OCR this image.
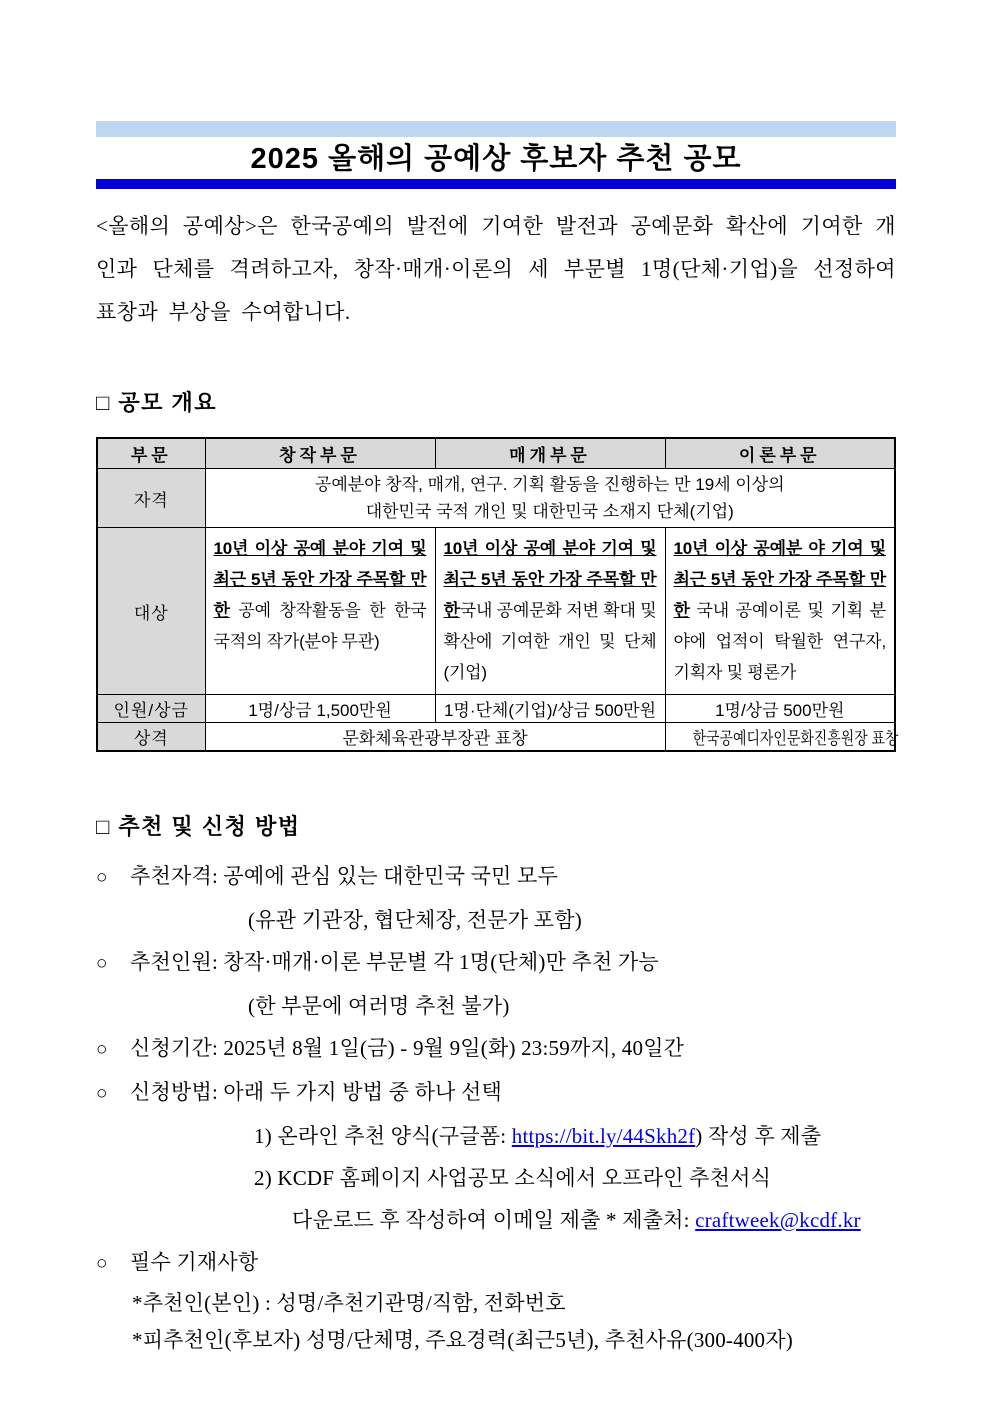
2025 올해의 공예상 후보자 추천 공모

<올해의 공예상>은 한국공예의 발전에 기여한 발전과 공예문화 확산에 기여한 개인과 단체를 격려하고자, 창작·매개·이론의 세 부문별 1명(단체·기업)을 선정하여 표창과 부상을 수여합니다.

□ 공모 개요
부문	창작부문	매개부문	이론부문
자격	공예분야 창작, 매개, 연구. 기획 활동을 진행하는 만 19세 이상의
대한민국 국적 개인 및 대한민국 소재지 단체(기업)		

대상	10년 이상 공예 분야 기여 및 최근 5년 동안 가장 주목할 만한 공예 창작활동을 한 한국 국적의 작가(분야 무관)	10년 이상 공예 분야 기여 및 최근 5년 동안 가장 주목할 만한국내 공예문화 저변 확대 및 확산에 기여한 개인 및 단체(기업)	10년 이상 공예분 야 기여 및 최근 5년 동안 가장 주목할 만한 국내 공예이론 및 기획 분야에 업적이 탁월한 연구자, 기획자 및 평론가
인원/상금	1명/상금 1,500만원	1명·단체(기업)/상금 500만원	1명/상금 500만원
상격	문화체육관광부장관 표창		한국공예디자인문화진흥원장 표창
□ 추천 및 신청 방법
○ 추천자격: 공예에 관심 있는 대한민국 국민 모두
(유관 기관장, 협단체장, 전문가 포함)
○ 추천인원: 창작·매개·이론 부문별 각 1명(단체)만 추천 가능
(한 부문에 여러명 추천 불가)
○ 신청기간: 2025년 8월 1일(금) - 9월 9일(화) 23:59까지, 40일간
○ 신청방법: 아래 두 가지 방법 중 하나 선택
1) 온라인 추천 양식(구글폼: https://bit.ly/44Skh2f) 작성 후 제출
2) KCDF 홈페이지 사업공모 소식에서 오프라인 추천서식
다운로드 후 작성하여 이메일 제출 * 제출처: craftweek@kcdf.kr
○ 필수 기재사항
*추천인(본인) : 성명/추천기관명/직함, 전화번호
*피추천인(후보자) 성명/단체명, 주요경력(최근5년), 추천사유(300-400자)
